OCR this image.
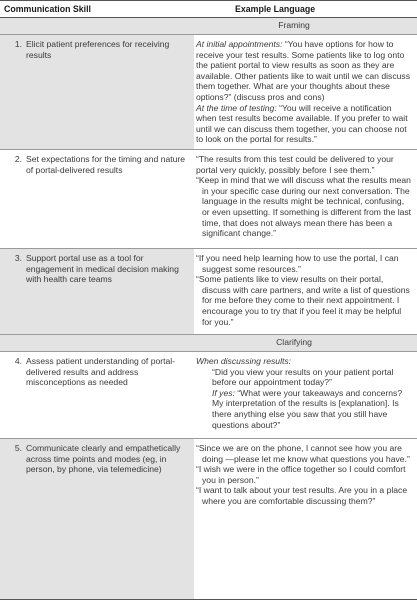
Communication Skill	Example Language
Framing
1. Elicit patient preferences for receiving results

At initial appointments: “You have options for how to receive your test results. Some patients like to log onto the patient portal to view results as soon as they are available. Other patients like to wait until we can discuss them together. What are your thoughts about these options?” (discuss pros and cons)

At the time of testing: “You will receive a notification when test results become available. If you prefer to wait until we can discuss them together, you can choose not to look on the portal for results.”

2. Set expectations for the timing and nature of portal-delivered results

“The results from this test could be delivered to your portal very quickly, possibly before I see them.”

“Keep in mind that we will discuss what the results mean in your specific case during our next conversation. The language in the results might be technical, confusing, or even upsetting. If something is different from the last time, that does not always mean there has been a significant change.”

3. Support portal use as a tool for engagement in medical decision making with health care teams

“If you need help learning how to use the portal, I can suggest some resources.”

“Some patients like to view results on their portal, discuss with care partners, and write a list of questions for me before they come to their next appointment. I encourage you to try that if you feel it may be helpful for you.”

Clarifying
4. Assess patient understanding of portal-delivered results and address misconceptions as needed

When discussing results:

“Did you view your results on your patient portal before our appointment today?”

If yes: “What were your takeaways and concerns? My interpretation of the results is [explanation]. Is there anything else you saw that you still have questions about?”

5. Communicate clearly and empathetically across time points and modes (eg, in person, by phone, via telemedicine)

“Since we are on the phone, I cannot see how you are doing —please let me know what questions you have.”

“I wish we were in the office together so I could comfort you in person.”

“I want to talk about your test results. Are you in a place where you are comfortable discussing them?”
